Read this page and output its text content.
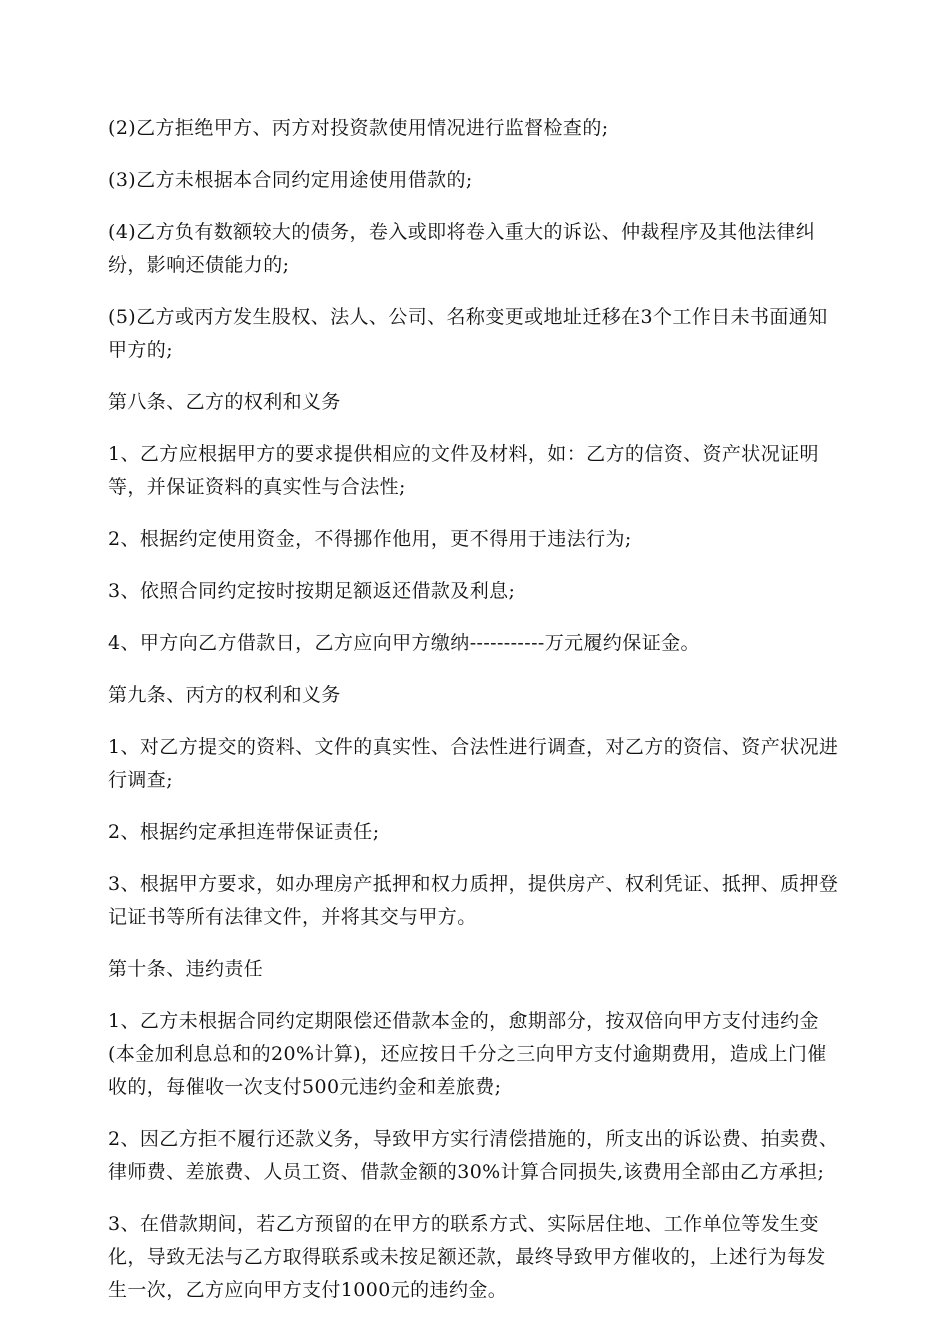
(2)乙方拒绝甲方、丙方对投资款使用情况进行监督检查的;

(3)乙方未根据本合同约定用途使用借款的;

(4)乙方负有数额较大的债务，卷入或即将卷入重大的诉讼、仲裁程序及其他法律纠纷，影响还债能力的;

(5)乙方或丙方发生股权、法人、公司、名称变更或地址迁移在3个工作日未书面通知甲方的;

第八条、乙方的权利和义务

1、乙方应根据甲方的要求提供相应的文件及材料，如：乙方的信资、资产状况证明等，并保证资料的真实性与合法性;

2、根据约定使用资金，不得挪作他用，更不得用于违法行为;

3、依照合同约定按时按期足额返还借款及利息;

4、甲方向乙方借款日，乙方应向甲方缴纳-----------万元履约保证金。

第九条、丙方的权利和义务

1、对乙方提交的资料、文件的真实性、合法性进行调查，对乙方的资信、资产状况进行调查;

2、根据约定承担连带保证责任;

3、根据甲方要求，如办理房产抵押和权力质押，提供房产、权利凭证、抵押、质押登记证书等所有法律文件，并将其交与甲方。

第十条、违约责任

1、乙方未根据合同约定期限偿还借款本金的，愈期部分，按双倍向甲方支付违约金(本金加利息总和的20%计算)，还应按日千分之三向甲方支付逾期费用，造成上门催收的，每催收一次支付500元违约金和差旅费;

2、因乙方拒不履行还款义务，导致甲方实行清偿措施的，所支出的诉讼费、拍卖费、律师费、差旅费、人员工资、借款金额的30%计算合同损失,该费用全部由乙方承担;

3、在借款期间，若乙方预留的在甲方的联系方式、实际居住地、工作单位等发生变化，导致无法与乙方取得联系或未按足额还款，最终导致甲方催收的，上述行为每发生一次，乙方应向甲方支付1000元的违约金。
